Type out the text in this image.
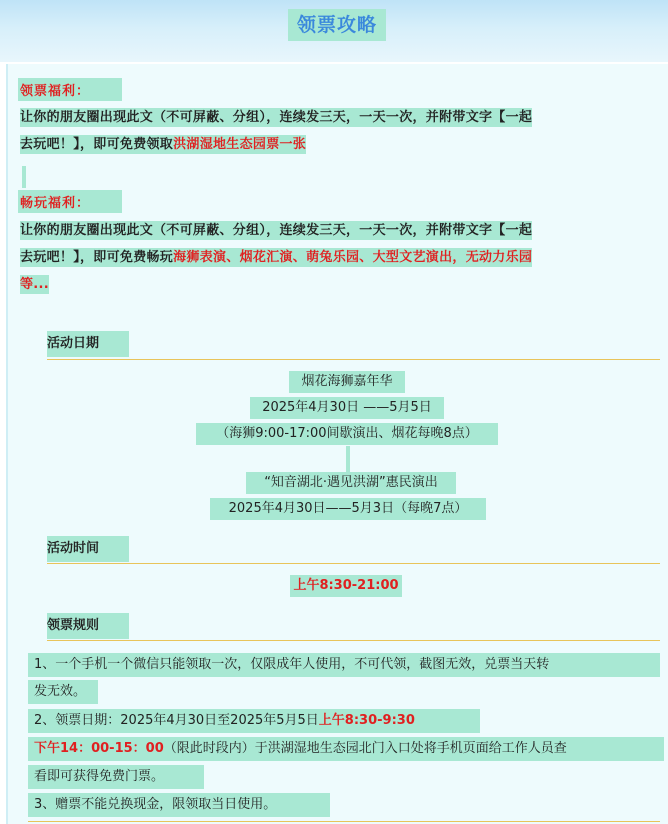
领票攻略
领票福利：
让你的朋友圈出现此文（不可屏蔽、分组），连续发三天，一天一次，并附带文字【一起
去玩吧！】，即可免费领取洪湖湿地生态园票一张
畅玩福利：
让你的朋友圈出现此文（不可屏蔽、分组），连续发三天，一天一次，并附带文字【一起
去玩吧！】，即可免费畅玩海狮表演、烟花汇演、萌兔乐园、大型文艺演出，无动力乐园
等...
活动日期
烟花海狮嘉年华
2025年4月30日 ——5月5日
（海狮9:00-17:00间歇演出、烟花每晚8点）
“知音湖北·遇见洪湖”惠民演出
2025年4月30日——5月3日（每晚7点）
活动时间
上午8:30-21:00
领票规则
1、一个手机一个微信只能领取一次，仅限成年人使用，不可代领，截图无效，兑票当天转
发无效。
2、领票日期：2025年4月30日至2025年5月5日上午8:30-9:30
下午14：00-15：00（限此时段内）于洪湖湿地生态园北门入口处将手机页面给工作人员查
看即可获得免费门票。
3、赠票不能兑换现金，限领取当日使用。
